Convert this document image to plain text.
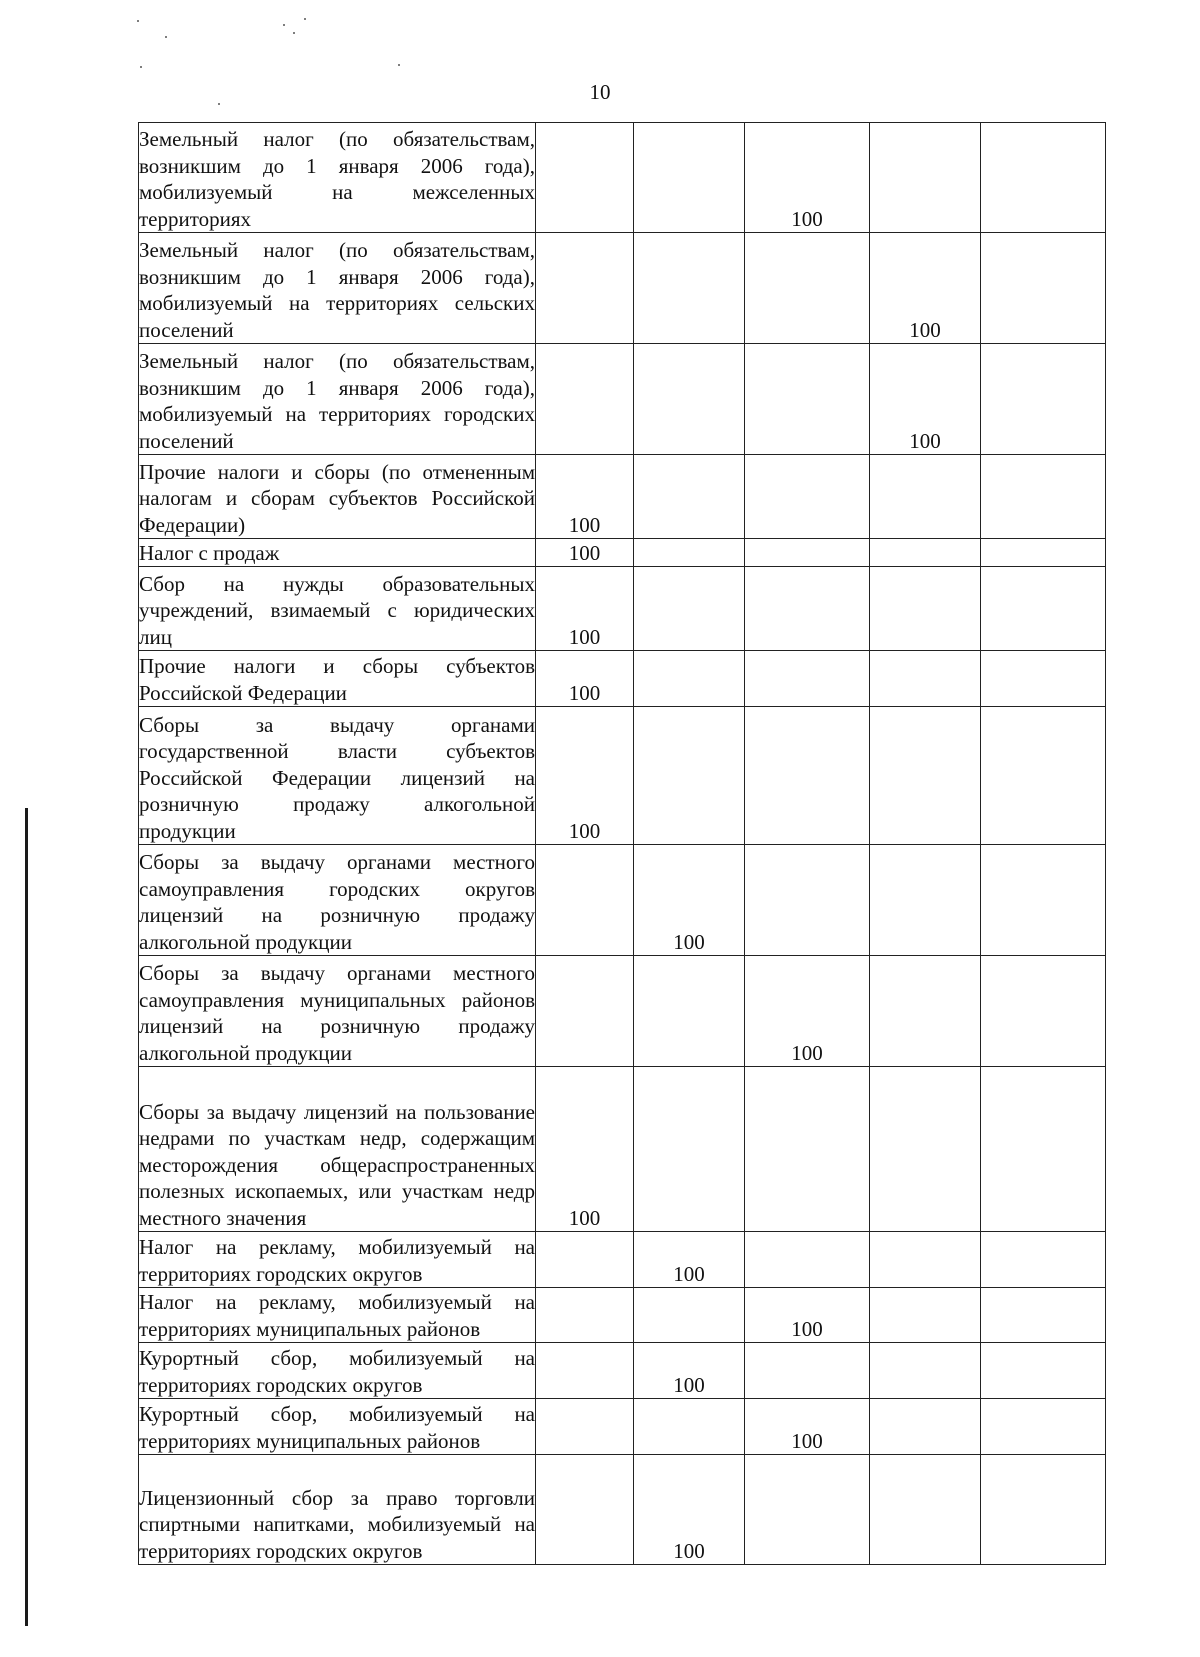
10
Земельный налог (по обязательствам, возникшим до 1 января 2006 года), мобилизуемый на межселенных территориях			100		

Земельный налог (по обязательствам, возникшим до 1 января 2006 года), мобилизуемый на территориях сельских поселений				100	

Земельный налог (по обязательствам, возникшим до 1 января 2006 года), мобилизуемый на территориях городских поселений				100	

Прочие налоги и сборы (по отмененным налогам и сборам субъектов Российской Федерации)	100				

Налог с продаж	100				

Сбор на нужды образовательных учреждений, взимаемый с юридических лиц	100				

Прочие налоги и сборы субъектов Российской Федерации	100				

Сборы за выдачу органами государственной власти субъектов Российской Федерации лицензий на розничную продажу алкогольной продукции	100				

Сборы за выдачу органами местного самоуправления городских округов лицензий на розничную продажу алкогольной продукции		100			

Сборы за выдачу органами местного самоуправления муниципальных районов лицензий на розничную продажу алкогольной продукции			100		

Сборы за выдачу лицензий на пользование недрами по участкам недр, содержащим месторождения общераспространенных полезных ископаемых, или участкам недр местного значения	100				

Налог на рекламу, мобилизуемый на территориях городских округов		100			

Налог на рекламу, мобилизуемый на территориях муниципальных районов			100		

Курортный сбор, мобилизуемый на территориях городских округов		100			

Курортный сбор, мобилизуемый на территориях муниципальных районов			100		

Лицензионный сбор за право торговли спиртными напитками, мобилизуемый на территориях городских округов		100			
